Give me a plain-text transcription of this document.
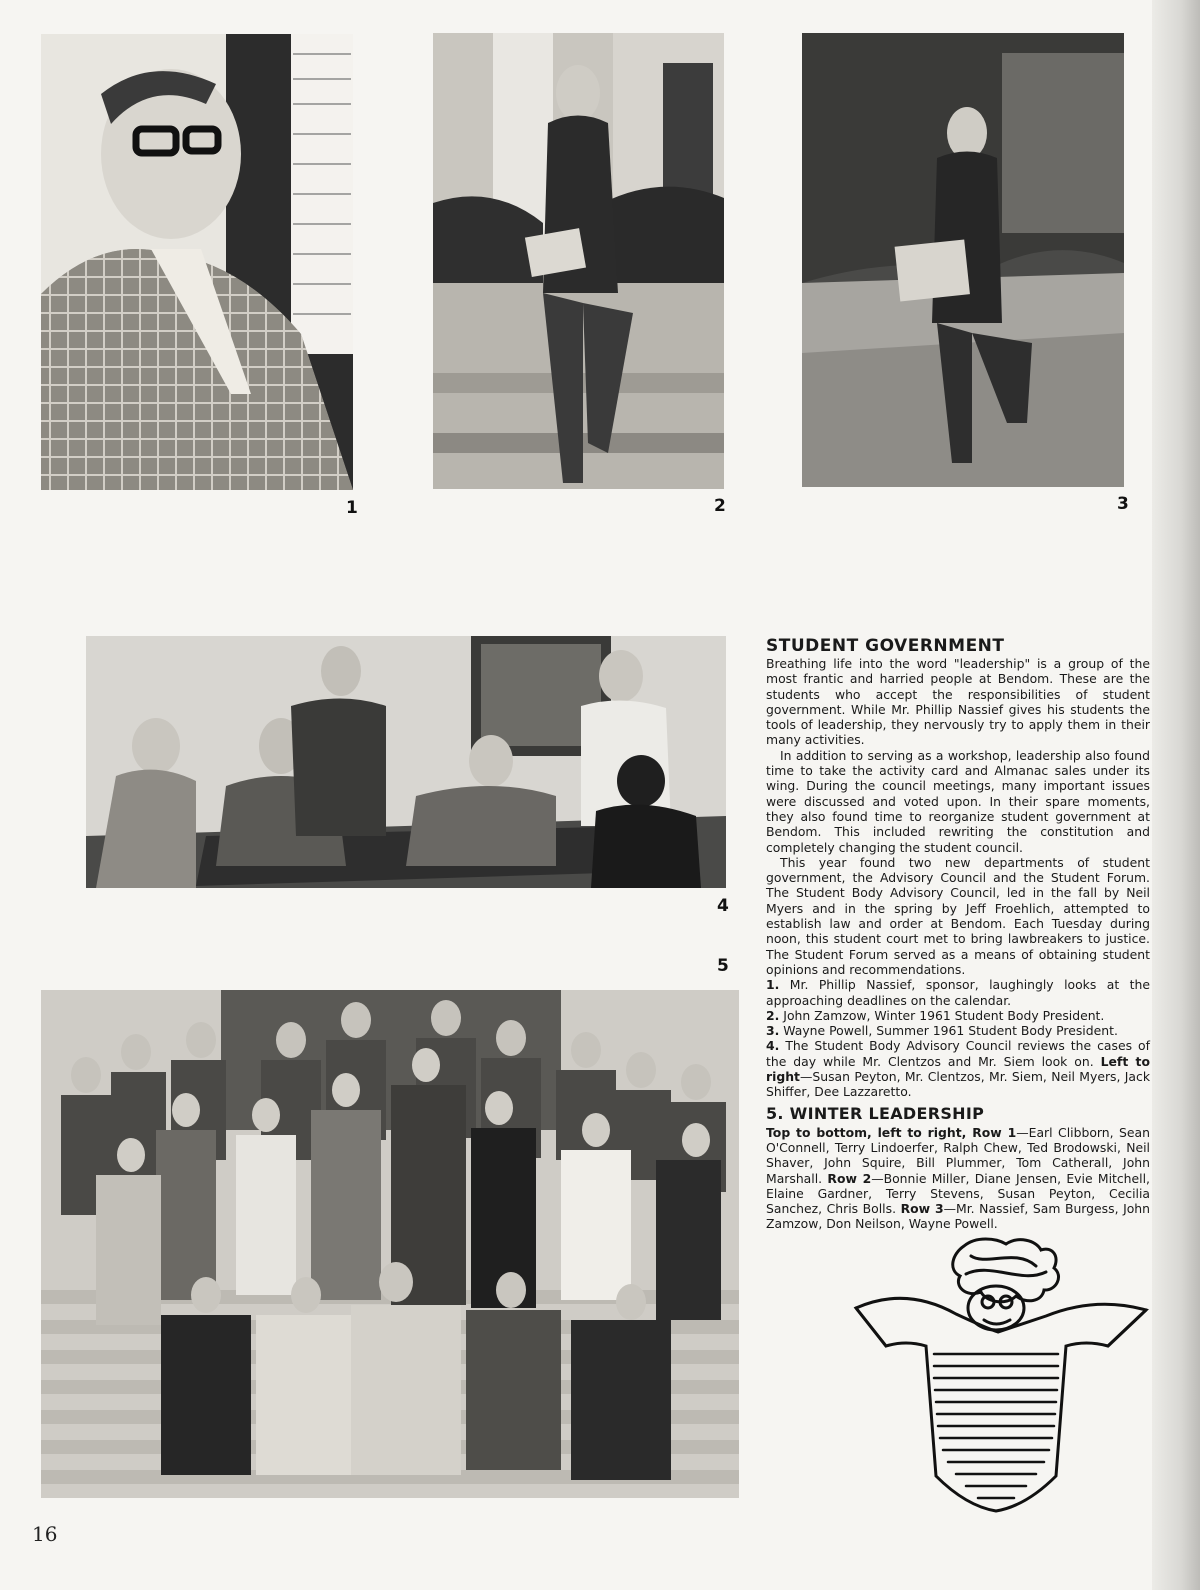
1	2	3
4
5
STUDENT GOVERNMENT

Breathing life into the word "leadership" is a group of the most frantic and harried people at Bendom. These are the students who accept the responsibilities of student government. While Mr. Phillip Nassief gives his students the tools of leadership, they nervously try to apply them in their many activities.

In addition to serving as a workshop, leadership also found time to take the activity card and Almanac sales under its wing. During the council meetings, many important issues were discussed and voted upon. In their spare moments, they also found time to reorganize student government at Bendom. This included rewriting the constitution and completely changing the student council.

This year found two new departments of student government, the Advisory Council and the Student Forum. The Student Body Advisory Council, led in the fall by Neil Myers and in the spring by Jeff Froehlich, attempted to establish law and order at Bendom. Each Tuesday during noon, this student court met to bring lawbreakers to justice. The Student Forum served as a means of obtaining student opinions and recommendations.

1. Mr. Phillip Nassief, sponsor, laughingly looks at the approaching deadlines on the calendar.

2. John Zamzow, Winter 1961 Student Body President.

3. Wayne Powell, Summer 1961 Student Body President.

4. The Student Body Advisory Council reviews the cases of the day while Mr. Clentzos and Mr. Siem look on. Left to right—Susan Peyton, Mr. Clentzos, Mr. Siem, Neil Myers, Jack Shiffer, Dee Lazzaretto.

5. WINTER LEADERSHIP

Top to bottom, left to right, Row 1—Earl Clibborn, Sean O'Connell, Terry Lindoerfer, Ralph Chew, Ted Brodowski, Neil Shaver, John Squire, Bill Plummer, Tom Catherall, John Marshall. Row 2—Bonnie Miller, Diane Jensen, Evie Mitchell, Elaine Gardner, Terry Stevens, Susan Peyton, Cecilia Sanchez, Chris Bolls. Row 3—Mr. Nassief, Sam Burgess, John Zamzow, Don Neilson, Wayne Powell.

16
